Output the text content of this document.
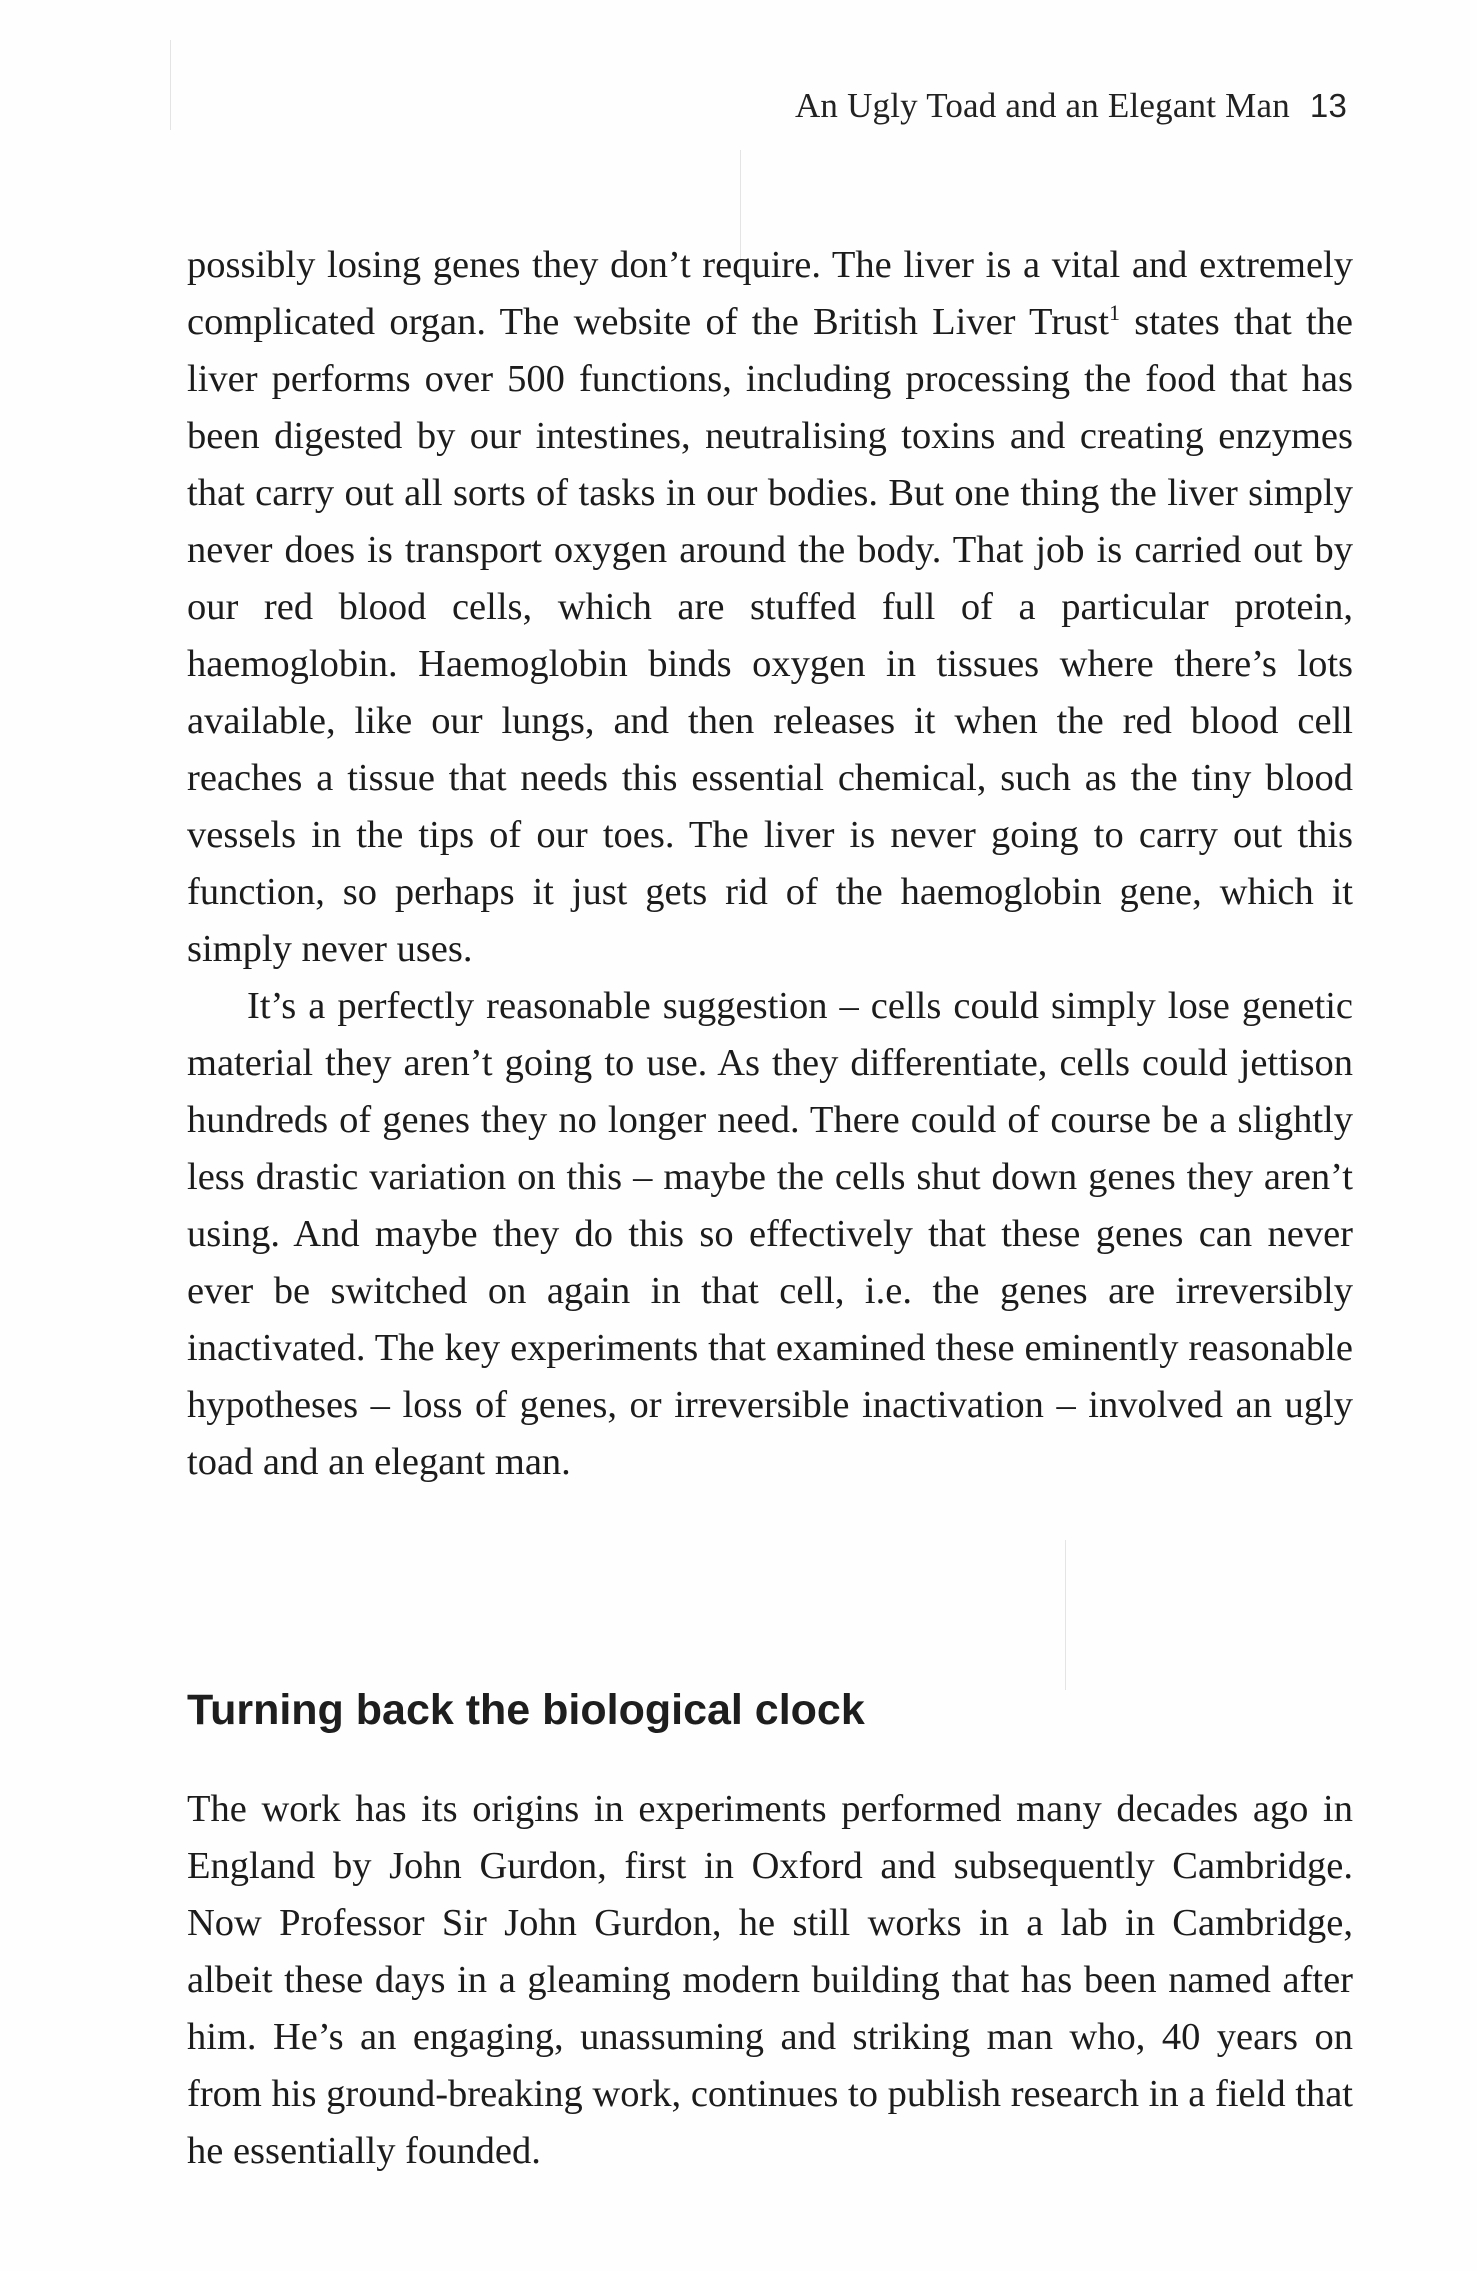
An Ugly Toad and an Elegant Man 13

possibly losing genes they don’t require. The liver is a vital and extremely complicated organ. The website of the British Liver Trust$^1$ states that the liver performs over 500 functions, including processing the food that has been digested by our intestines, neutralising toxins and creating enzymes that carry out all sorts of tasks in our bodies. But one thing the liver simply never does is transport oxygen around the body. That job is carried out by our red blood cells, which are stuffed full of a particular protein, haemoglobin. Haemoglobin binds oxygen in tissues where there’s lots available, like our lungs, and then releases it when the red blood cell reaches a tissue that needs this essential chemical, such as the tiny blood vessels in the tips of our toes. The liver is never going to carry out this function, so perhaps it just gets rid of the haemoglobin gene, which it simply never uses.

It’s a perfectly reasonable suggestion – cells could simply lose genetic material they aren’t going to use. As they differentiate, cells could jettison hundreds of genes they no longer need. There could of course be a slightly less drastic variation on this – maybe the cells shut down genes they aren’t using. And maybe they do this so effectively that these genes can never ever be switched on again in that cell, i.e. the genes are irreversibly inactivated. The key experiments that examined these eminently reasonable hypotheses – loss of genes, or irreversible inactivation – involved an ugly toad and an elegant man.

Turning back the biological clock

The work has its origins in experiments performed many decades ago in England by John Gurdon, first in Oxford and subsequently Cambridge. Now Professor Sir John Gurdon, he still works in a lab in Cambridge, albeit these days in a gleaming modern building that has been named after him. He’s an engaging, unassuming and striking man who, 40 years on from his ground-breaking work, continues to publish research in a field that he essentially founded.
